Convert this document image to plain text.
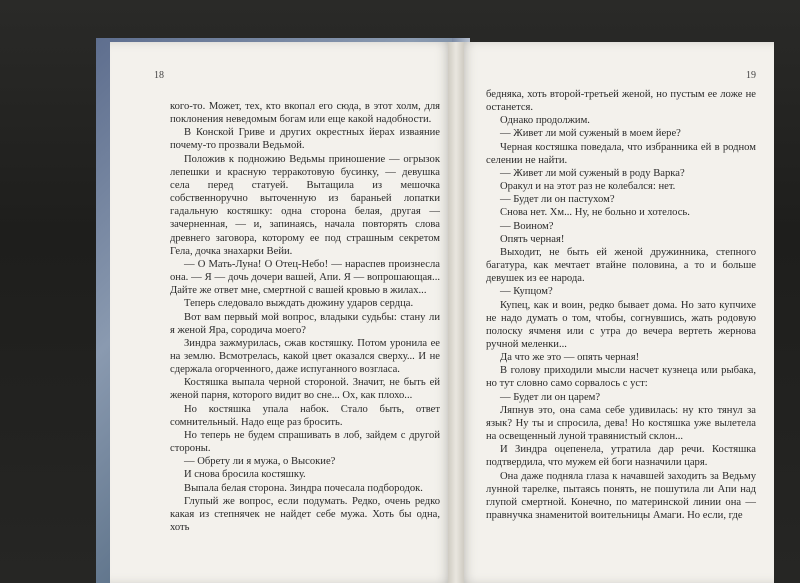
18

кого-то. Может, тех, кто вкопал его сюда, в этот холм, для поклонения неведомым богам или еще какой надобности.

В Конской Гриве и других окрестных йерах изваяние почему-то прозвали Ведьмой.

Положив к подножию Ведьмы приношение — огрызок лепешки и красную терракотовую бусинку, — девушка села перед статуей. Вытащила из мешочка собственноручно выточенную из бараньей лопатки гадальную костяшку: одна сторона белая, другая — зачерненная, — и, запинаясь, начала повторять слова древнего заговора, которому ее под страшным секретом Гела, дочка знахарки Вейи.

— О Мать-Луна! О Отец-Небо! — нараспев произнесла она. — Я — дочь дочери вашей, Апи. Я — вопрошающая... Дайте же ответ мне, смертной с вашей кровью в жилах...

Теперь следовало выждать дюжину ударов сердца.

Вот вам первый мой вопрос, владыки судьбы: стану ли я женой Яра, сородича моего?

Зиндра зажмурилась, сжав костяшку. Потом уронила ее на землю. Всмотрелась, какой цвет оказался сверху... И не сдержала огорченного, даже испуганного возгласа.

Костяшка выпала черной стороной. Значит, не быть ей женой парня, которого видит во сне... Ох, как плохо...

Но костяшка упала набок. Стало быть, ответ сомнительный. Надо еще раз бросить.

Но теперь не будем спрашивать в лоб, зайдем с другой стороны.

— Обрету ли я мужа, о Высокие?

И снова бросила костяшку.

Выпала белая сторона. Зиндра почесала подбородок.

Глупый же вопрос, если подумать. Редко, очень редко какая из степнячек не найдет себе мужа. Хоть бы одна, хоть

19

бедняка, хоть второй-третьей женой, но пустым ее ложе не останется.

Однако продолжим.

— Живет ли мой суженый в моем йере?

Черная костяшка поведала, что избранника ей в родном селении не найти.

— Живет ли мой суженый в роду Варка?

Оракул и на этот раз не колебался: нет.

— Будет ли он пастухом?

Снова нет. Хм... Ну, не больно и хотелось.

— Воином?

Опять черная!

Выходит, не быть ей женой дружинника, степного багатура, как мечтает втайне половина, а то и больше девушек из ее народа.

— Купцом?

Купец, как и воин, редко бывает дома. Но зато купчихе не надо думать о том, чтобы, согнувшись, жать родовую полоску ячменя или с утра до вечера вертеть жернова ручной меленки...

Да что же это — опять черная!

В голову приходили мысли насчет кузнеца или рыбака, но тут словно само сорвалось с уст:

— Будет ли он царем?

Ляпнув это, она сама себе удивилась: ну кто тянул за язык? Ну ты и спросила, дева! Но костяшка уже вылетела на освещенный луной травянистый склон...

И Зиндра оцепенела, утратила дар речи. Костяшка подтвердила, что мужем ей боги назначили царя.

Она даже подняла глаза к начавшей заходить за Ведьму лунной тарелке, пытаясь понять, не пошутила ли Апи над глупой смертной. Конечно, по материнской линии она — правнучка знаменитой воительницы Амаги. Но если, где
